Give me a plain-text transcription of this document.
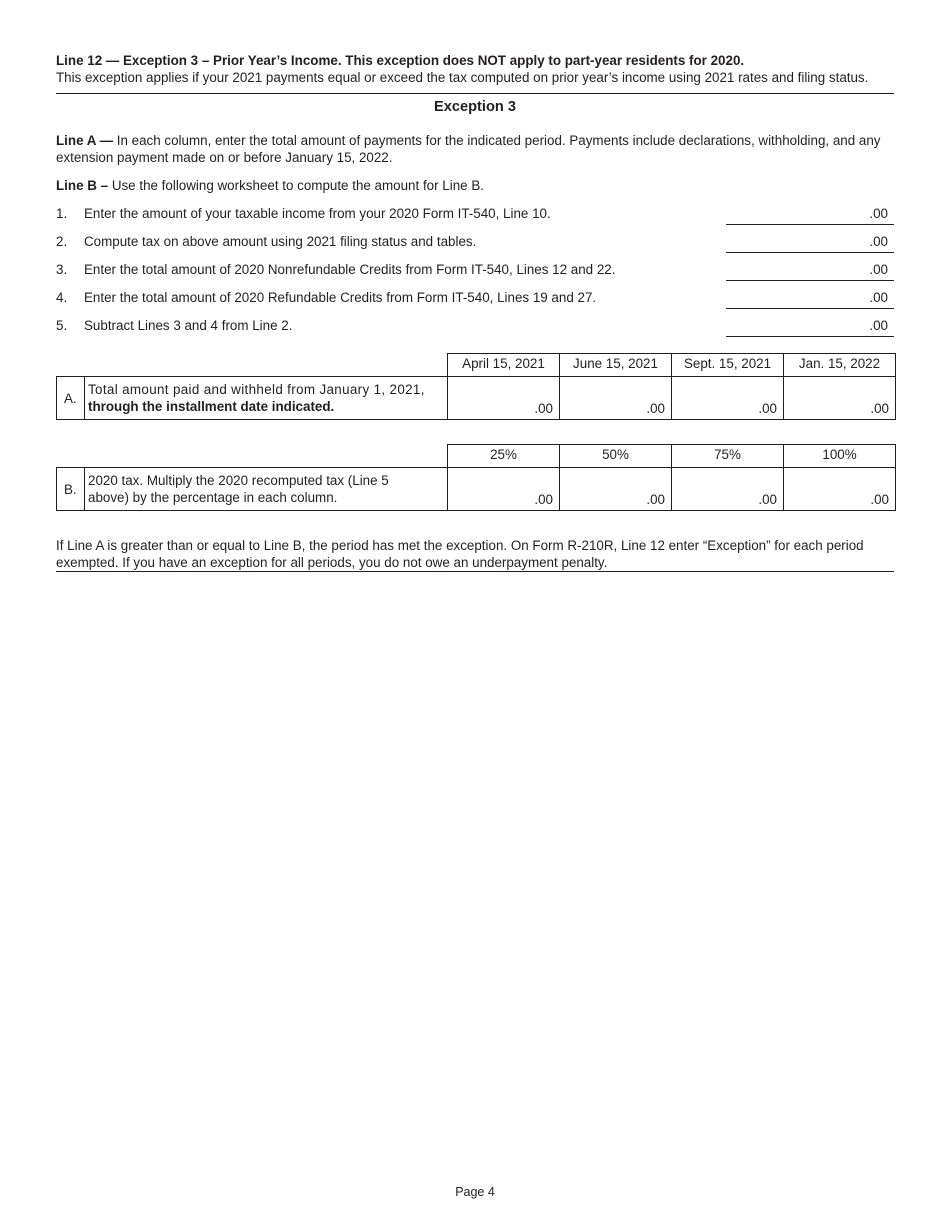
Line 12 — Exception 3 – Prior Year’s Income. This exception does NOT apply to part-year residents for 2020.
This exception applies if your 2021 payments equal or exceed the tax computed on prior year’s income using 2021 rates and filing status.
Exception 3
Line A — In each column, enter the total amount of payments for the indicated period. Payments include declarations, withholding, and any extension payment made on or before January 15, 2022.
Line B – Use the following worksheet to compute the amount for Line B.
1. Enter the amount of your taxable income from your 2020 Form IT-540, Line 10.	.00
2. Compute tax on above amount using 2021 filing status and tables.	.00
3. Enter the total amount of 2020 Nonrefundable Credits from Form IT-540, Lines 12 and 22.	.00
4. Enter the total amount of 2020 Refundable Credits from Form IT-540, Lines 19 and 27.	.00
5. Subtract Lines 3 and 4 from Line 2.	.00
April 15, 2021	June 15, 2021	Sept. 15, 2021	Jan. 15, 2022
A.
Total amount paid and withheld from January 1, 2021,
through the installment date indicated.	.00	.00	.00	.00
25%	50%	75%	100%
B.
2020 tax. Multiply the 2020 recomputed tax (Line 5
above) by the percentage in each column.	.00	.00	.00	.00
If Line A is greater than or equal to Line B, the period has met the exception. On Form R-210R, Line 12 enter “Exception” for each period exempted. If you have an exception for all periods, you do not owe an underpayment penalty.
Page 4
